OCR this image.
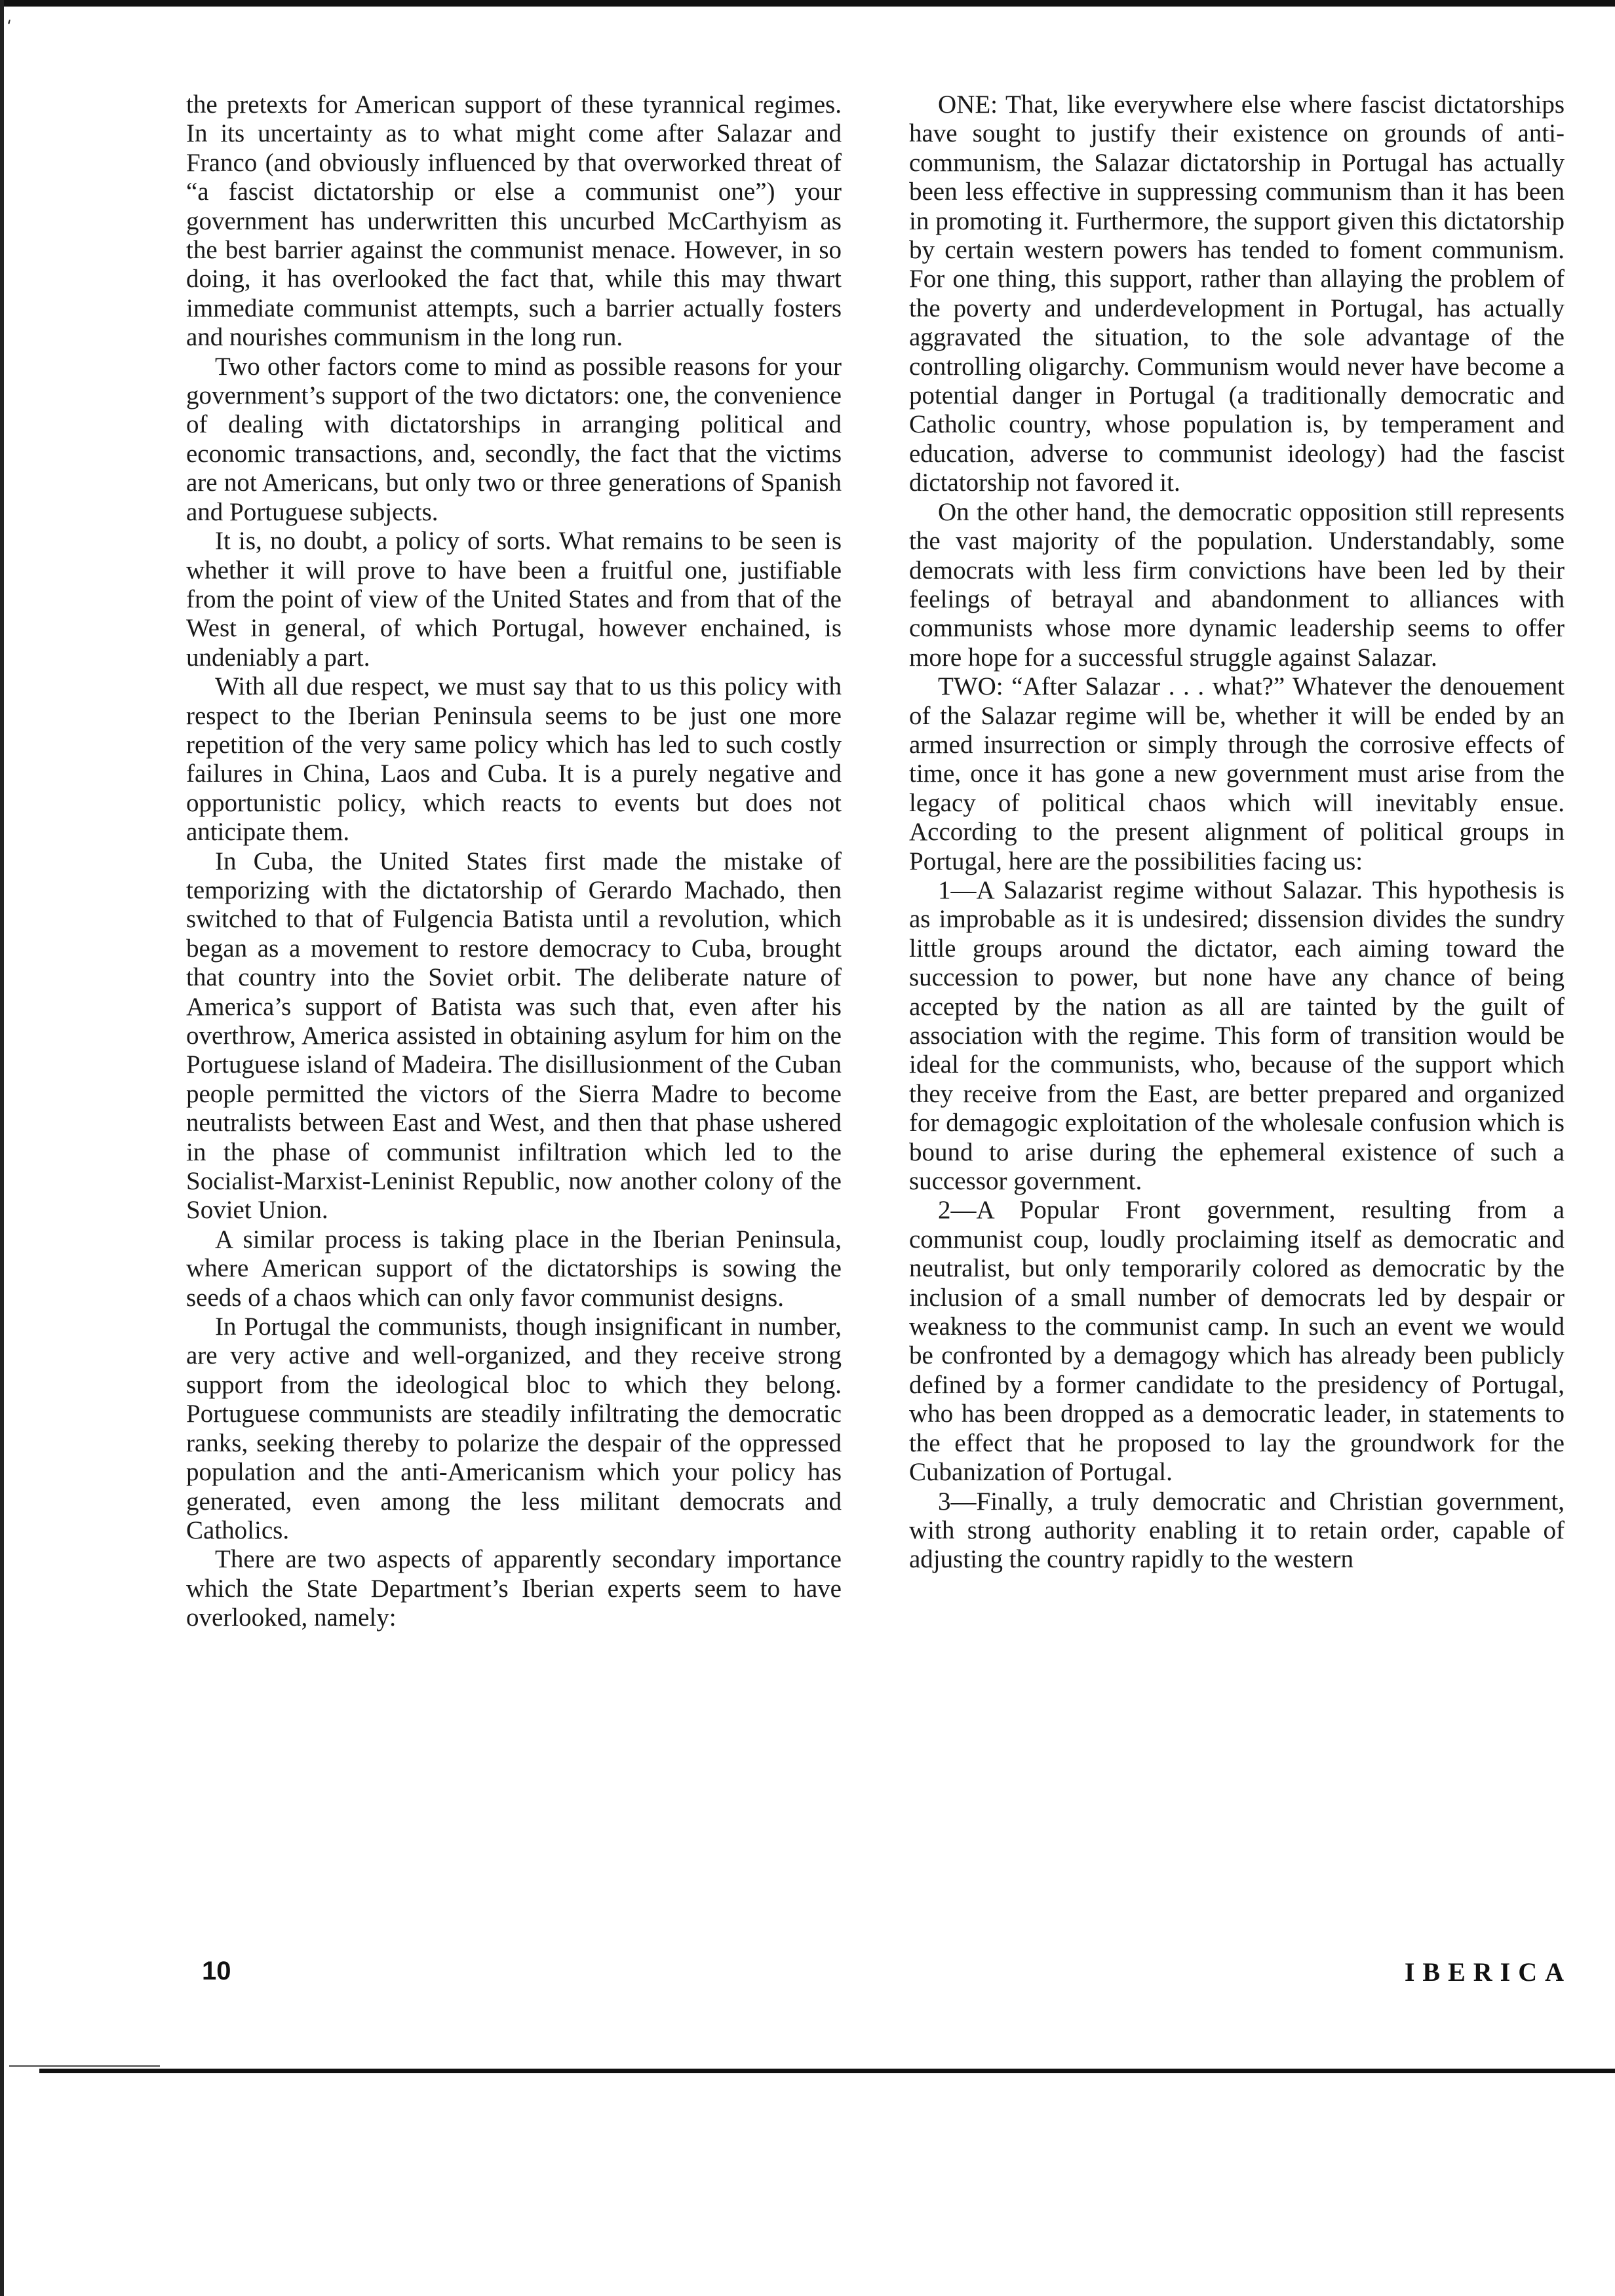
⸲

the pretexts for American support of these tyrannical regimes. In its uncertainty as to what might come after Salazar and Franco (and obviously influenced by that overworked threat of “a fascist dictatorship or else a communist one”) your government has underwritten this uncurbed McCarthyism as the best barrier against the communist menace. However, in so doing, it has overlooked the fact that, while this may thwart immediate communist attempts, such a barrier actually fosters and nourishes communism in the long run.

Two other factors come to mind as possible reasons for your government’s support of the two dictators: one, the convenience of dealing with dictatorships in arranging political and economic transactions, and, secondly, the fact that the victims are not Americans, but only two or three generations of Spanish and Portuguese subjects.

It is, no doubt, a policy of sorts. What remains to be seen is whether it will prove to have been a fruitful one, justifiable from the point of view of the United States and from that of the West in general, of which Portugal, however enchained, is undeniably a part.

With all due respect, we must say that to us this policy with respect to the Iberian Peninsula seems to be just one more repetition of the very same policy which has led to such costly failures in China, Laos and Cuba. It is a purely negative and opportunistic policy, which reacts to events but does not anticipate them.

In Cuba, the United States first made the mistake of temporizing with the dictatorship of Gerardo Machado, then switched to that of Fulgencia Batista until a revolution, which began as a movement to restore democracy to Cuba, brought that country into the Soviet orbit. The deliberate nature of America’s support of Batista was such that, even after his overthrow, America assisted in obtaining asylum for him on the Portuguese island of Madeira. The disillusionment of the Cuban people permitted the victors of the Sierra Madre to become neutralists between East and West, and then that phase ushered in the phase of communist infiltration which led to the Socialist-Marxist-Leninist Republic, now another colony of the Soviet Union.

A similar process is taking place in the Iberian Peninsula, where American support of the dictatorships is sowing the seeds of a chaos which can only favor communist designs.

In Portugal the communists, though insignificant in number, are very active and well-organized, and they receive strong support from the ideological bloc to which they belong. Portuguese communists are steadily infiltrating the democratic ranks, seeking thereby to polarize the despair of the oppressed population and the anti-Americanism which your policy has generated, even among the less militant democrats and Catholics.

There are two aspects of apparently secondary importance which the State Department’s Iberian experts seem to have overlooked, namely:

ONE: That, like everywhere else where fascist dictatorships have sought to justify their existence on grounds of anti-communism, the Salazar dictatorship in Portugal has actually been less effective in suppressing communism than it has been in promoting it. Furthermore, the support given this dictatorship by certain western powers has tended to foment communism. For one thing, this support, rather than allaying the problem of the poverty and underdevelopment in Portugal, has actually aggravated the situation, to the sole advantage of the controlling oligarchy. Communism would never have become a potential danger in Portugal (a traditionally democratic and Catholic country, whose population is, by temperament and education, adverse to communist ideology) had the fascist dictatorship not favored it.

On the other hand, the democratic opposition still represents the vast majority of the population. Understandably, some democrats with less firm convictions have been led by their feelings of betrayal and abandonment to alliances with communists whose more dynamic leadership seems to offer more hope for a successful struggle against Salazar.

TWO: “After Salazar . . . what?” Whatever the denouement of the Salazar regime will be, whether it will be ended by an armed insurrection or simply through the corrosive effects of time, once it has gone a new government must arise from the legacy of political chaos which will inevitably ensue. According to the present alignment of political groups in Portugal, here are the possibilities facing us:

1—A Salazarist regime without Salazar. This hypothesis is as improbable as it is undesired; dissension divides the sundry little groups around the dictator, each aiming toward the succession to power, but none have any chance of being accepted by the nation as all are tainted by the guilt of association with the regime. This form of transition would be ideal for the communists, who, because of the support which they receive from the East, are better prepared and organized for demagogic exploitation of the wholesale confusion which is bound to arise during the ephemeral existence of such a successor government.

2—A Popular Front government, resulting from a communist coup, loudly proclaiming itself as democratic and neutralist, but only temporarily colored as democratic by the inclusion of a small number of democrats led by despair or weakness to the communist camp. In such an event we would be confronted by a demagogy which has already been publicly defined by a former candidate to the presidency of Portugal, who has been dropped as a democratic leader, in statements to the effect that he proposed to lay the groundwork for the Cubanization of Portugal.

3—Finally, a truly democratic and Christian government, with strong authority enabling it to retain order, capable of adjusting the country rapidly to the western

10	IBERICA
